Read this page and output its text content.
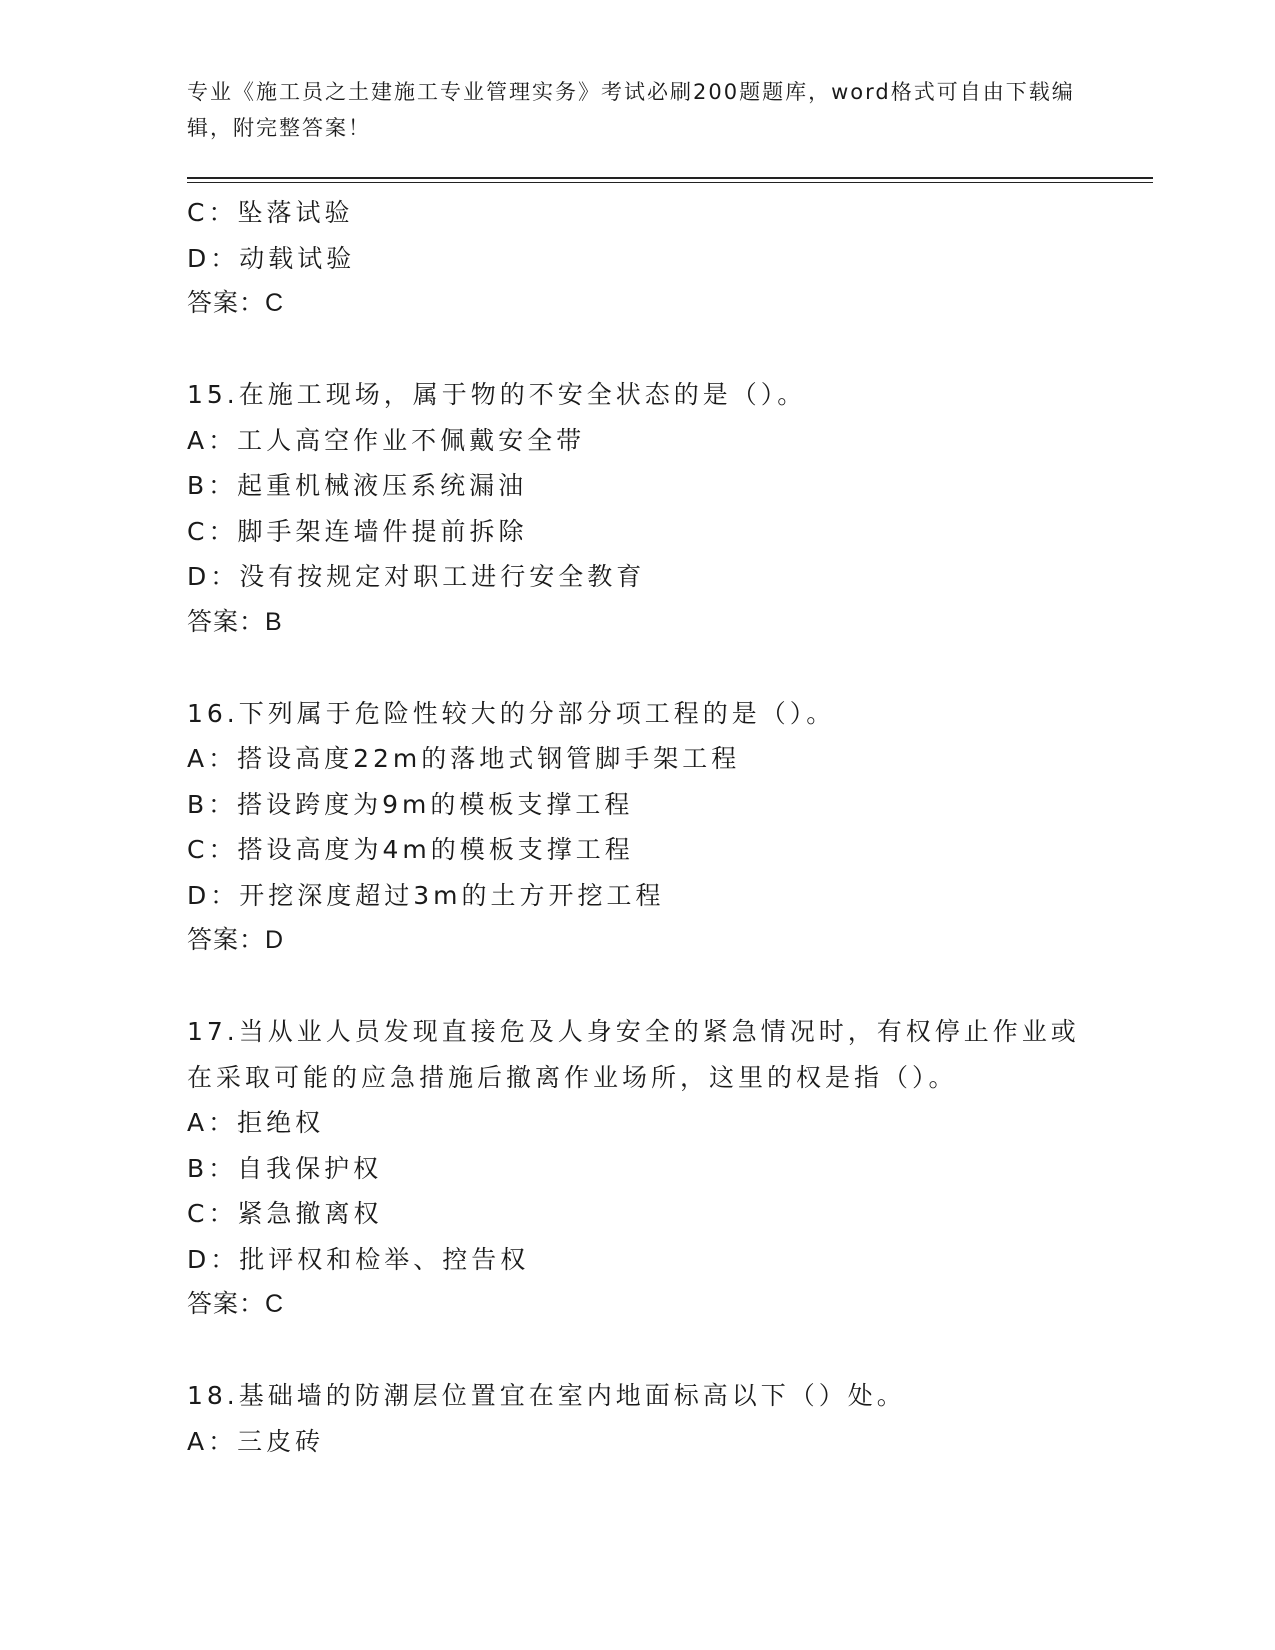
专业《施工员之土建施工专业管理实务》考试必刷200题题库，word格式可自由下载编辑，附完整答案！

C：坠落试验
D：动载试验
答案：C
15.在施工现场，属于物的不安全状态的是（）。
A：工人高空作业不佩戴安全带
B：起重机械液压系统漏油
C：脚手架连墙件提前拆除
D：没有按规定对职工进行安全教育
答案：B
16.下列属于危险性较大的分部分项工程的是（）。
A：搭设高度22m的落地式钢管脚手架工程
B：搭设跨度为9m的模板支撑工程
C：搭设高度为4m的模板支撑工程
D：开挖深度超过3m的土方开挖工程
答案：D
17.当从业人员发现直接危及人身安全的紧急情况时，有权停止作业或在采取可能的应急措施后撤离作业场所，这里的权是指（）。
A：拒绝权
B：自我保护权
C：紧急撤离权
D：批评权和检举、控告权
答案：C
18.基础墙的防潮层位置宜在室内地面标高以下（）处。
A：三皮砖
